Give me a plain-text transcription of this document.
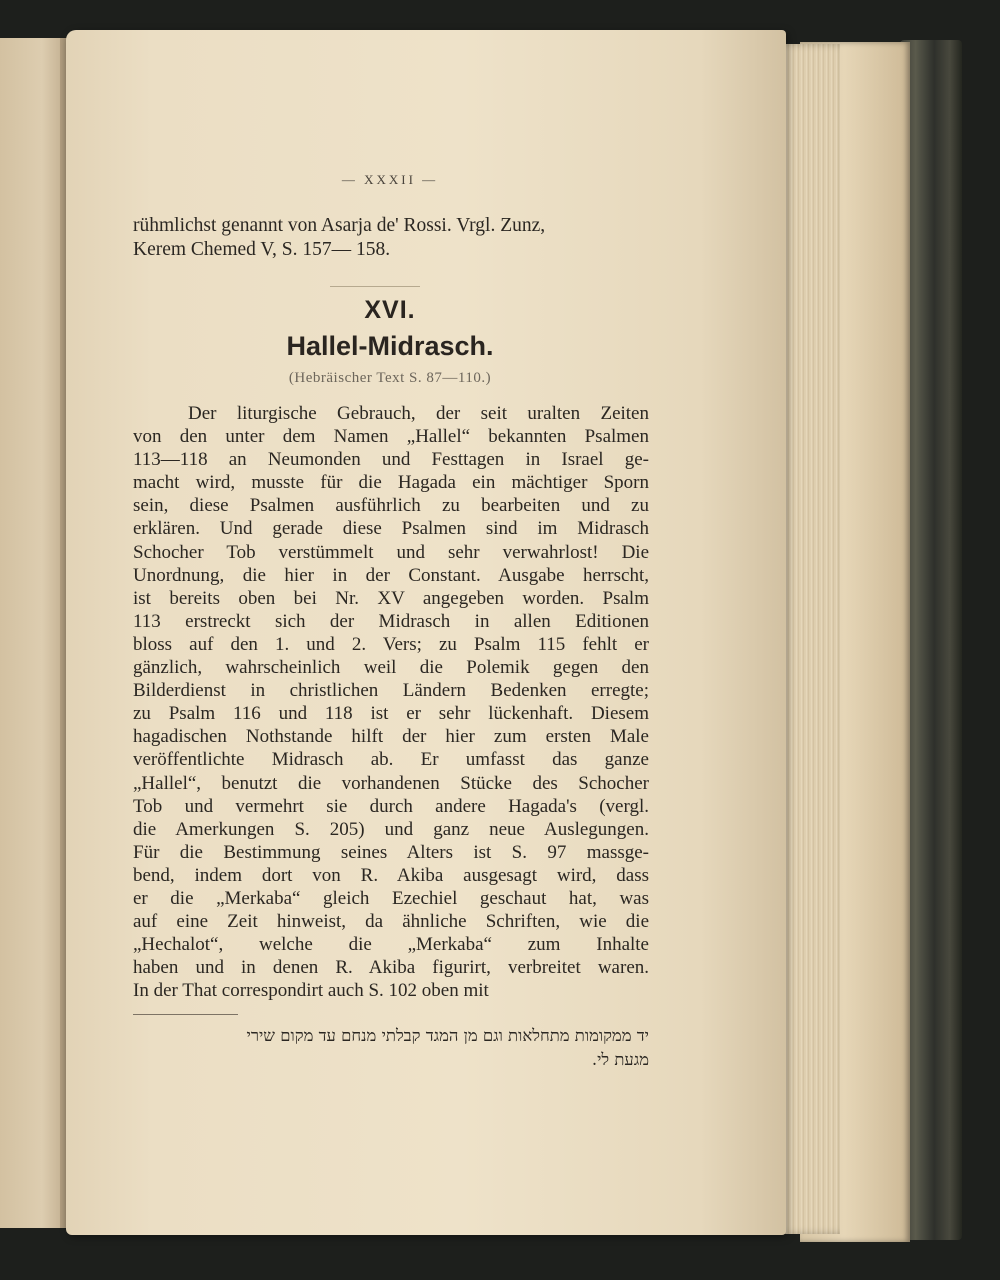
— XXXII —
rühmlichst genannt von Asarja de' Rossi. Vrgl. Zunz,
Kerem Chemed V, S. 157— 158.
XVI.
Hallel-Midrasch.
(Hebräischer Text S. 87—110.)
Der liturgische Gebrauch, der seit uralten Zeiten
von den unter dem Namen „Hallel“ bekannten Psalmen
113—118 an Neumonden und Festtagen in Israel ge-
macht wird, musste für die Hagada ein mächtiger Sporn
sein, diese Psalmen ausführlich zu bearbeiten und zu
erklären. Und gerade diese Psalmen sind im Midrasch
Schocher Tob verstümmelt und sehr verwahrlost! Die
Unordnung, die hier in der Constant. Ausgabe herrscht,
ist bereits oben bei Nr. XV angegeben worden. Psalm
113 erstreckt sich der Midrasch in allen Editionen
bloss auf den 1. und 2. Vers; zu Psalm 115 fehlt er
gänzlich, wahrscheinlich weil die Polemik gegen den
Bilderdienst in christlichen Ländern Bedenken erregte;
zu Psalm 116 und 118 ist er sehr lückenhaft. Diesem
hagadischen Nothstande hilft der hier zum ersten Male
veröffentlichte Midrasch ab. Er umfasst das ganze
„Hallel“, benutzt die vorhandenen Stücke des Schocher
Tob und vermehrt sie durch andere Hagada's (vergl.
die Amerkungen S. 205) und ganz neue Auslegungen.
Für die Bestimmung seines Alters ist S. 97 massge-
bend, indem dort von R. Akiba ausgesagt wird, dass
er die „Merkaba“ gleich Ezechiel geschaut hat, was
auf eine Zeit hinweist, da ähnliche Schriften, wie die
„Hechalot“, welche die „Merkaba“ zum Inhalte
haben und in denen R. Akiba figurirt, verbreitet waren.
In der That correspondirt auch S. 102 oben mit
יד ממקומות מתחלאות וגם מן המגד קבלתי מנחם עד מקום שירי
מגעת לי.
